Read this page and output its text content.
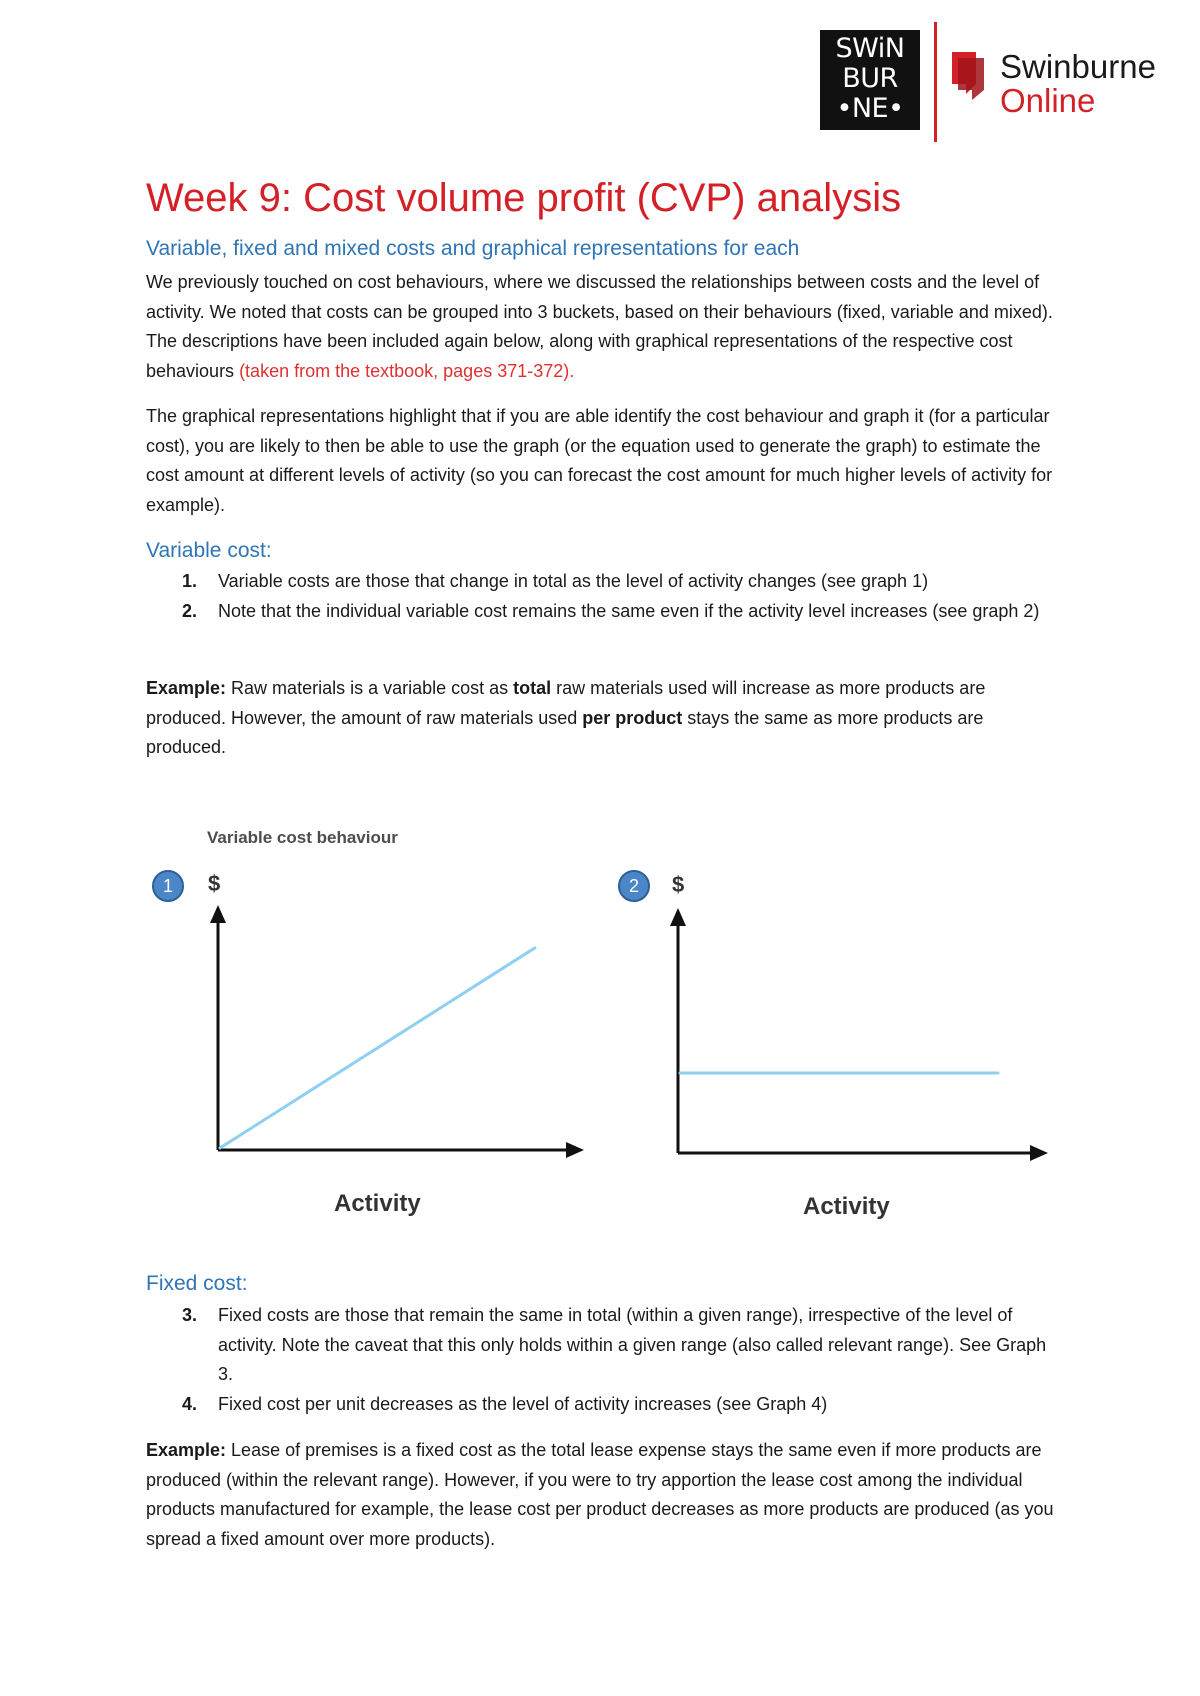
SWiN
BUR
•NE•
Swinburne
Online
Week 9: Cost volume profit (CVP) analysis
Variable, fixed and mixed costs and graphical representations for each

We previously touched on cost behaviours, where we discussed the relationships between costs and the level of activity. We noted that costs can be grouped into 3 buckets, based on their behaviours (fixed, variable and mixed). The descriptions have been included again below, along with graphical representations of the respective cost behaviours (taken from the textbook, pages 371-372).

The graphical representations highlight that if you are able identify the cost behaviour and graph it (for a particular cost), you are likely to then be able to use the graph (or the equation used to generate the graph) to estimate the cost amount at different levels of activity (so you can forecast the cost amount for much higher levels of activity for example).

Variable cost:
1. Variable costs are those that change in total as the level of activity changes (see graph 1)
2. Note that the individual variable cost remains the same even if the activity level increases (see graph 2)

Example: Raw materials is a variable cost as total raw materials used will increase as more products are produced. However, the amount of raw materials used per product stays the same as more products are produced.

Variable cost behaviour
1	$
Activity
2	$
Activity
Fixed cost:
3. Fixed costs are those that remain the same in total (within a given range), irrespective of the level of activity. Note the caveat that this only holds within a given range (also called relevant range). See Graph 3.
4. Fixed cost per unit decreases as the level of activity increases (see Graph 4)

Example: Lease of premises is a fixed cost as the total lease expense stays the same even if more products are produced (within the relevant range). However, if you were to try apportion the lease cost among the individual products manufactured for example, the lease cost per product decreases as more products are produced (as you spread a fixed amount over more products).
